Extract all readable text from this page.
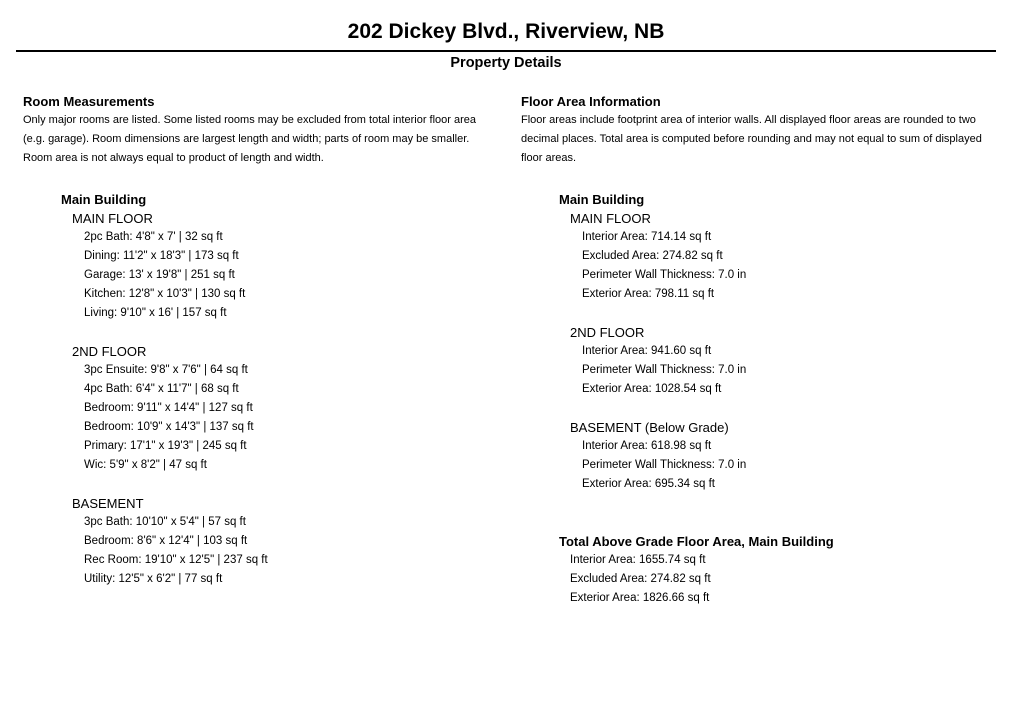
202 Dickey Blvd., Riverview, NB
Property Details
Room Measurements
Only major rooms are listed. Some listed rooms may be excluded from total interior floor area (e.g. garage). Room dimensions are largest length and width; parts of room may be smaller. Room area is not always equal to product of length and width.
Main Building
MAIN FLOOR
2pc Bath: 4'8" x 7' | 32 sq ft
Dining: 11'2" x 18'3" | 173 sq ft
Garage: 13' x 19'8" | 251 sq ft
Kitchen: 12'8" x 10'3" | 130 sq ft
Living: 9'10" x 16' | 157 sq ft
2ND FLOOR
3pc Ensuite: 9'8" x 7'6" | 64 sq ft
4pc Bath: 6'4" x 11'7" | 68 sq ft
Bedroom: 9'11" x 14'4" | 127 sq ft
Bedroom: 10'9" x 14'3" | 137 sq ft
Primary: 17'1" x 19'3" | 245 sq ft
Wic: 5'9" x 8'2" | 47 sq ft
BASEMENT
3pc Bath: 10'10" x 5'4" | 57 sq ft
Bedroom: 8'6" x 12'4" | 103 sq ft
Rec Room: 19'10" x 12'5" | 237 sq ft
Utility: 12'5" x 6'2" | 77 sq ft
Floor Area Information
Floor areas include footprint area of interior walls. All displayed floor areas are rounded to two decimal places. Total area is computed before rounding and may not equal to sum of displayed floor areas.
Main Building
MAIN FLOOR
Interior Area: 714.14 sq ft
Excluded Area: 274.82 sq ft
Perimeter Wall Thickness: 7.0 in
Exterior Area: 798.11 sq ft
2ND FLOOR
Interior Area: 941.60 sq ft
Perimeter Wall Thickness: 7.0 in
Exterior Area: 1028.54 sq ft
BASEMENT (Below Grade)
Interior Area: 618.98 sq ft
Perimeter Wall Thickness: 7.0 in
Exterior Area: 695.34 sq ft
Total Above Grade Floor Area, Main Building
Interior Area: 1655.74 sq ft
Excluded Area: 274.82 sq ft
Exterior Area: 1826.66 sq ft
